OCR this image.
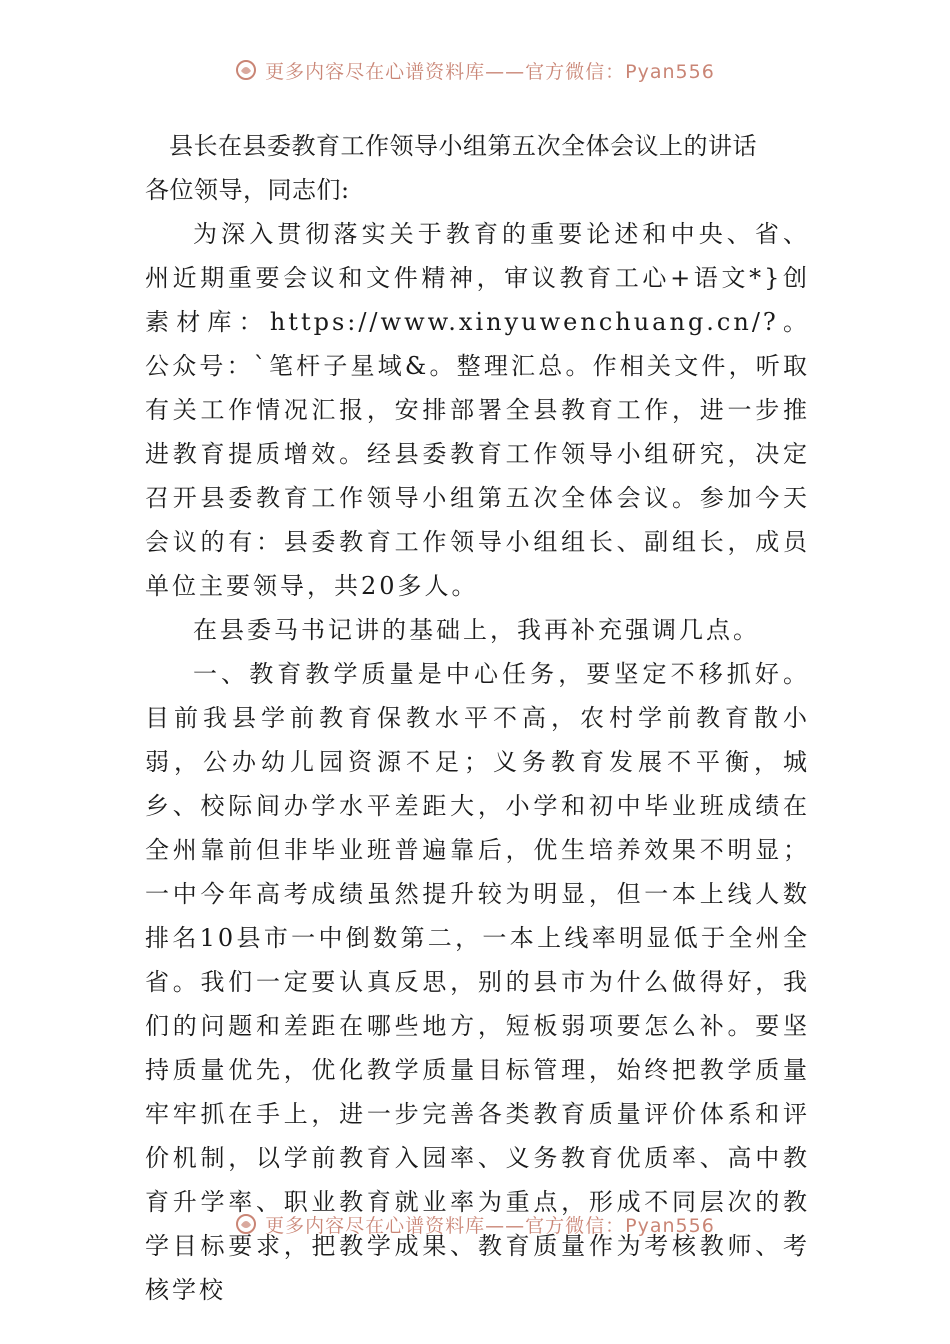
更多内容尽在心谱资料库——官方微信：Pyan556
县长在县委教育工作领导小组第五次全体会议上的讲话

各位领导，同志们:

为深入贯彻落实关于教育的重要论述和中央、省、州近期重要会议和文件精神，审议教育工心+语文*}创素材库：https://www.xinyuwenchuang.cn/?。公众号：`笔杆子星域&。整理汇总。作相关文件，听取有关工作情况汇报，安排部署全县教育工作，进一步推进教育提质增效。经县委教育工作领导小组研究，决定召开县委教育工作领导小组第五次全体会议。参加今天会议的有：县委教育工作领导小组组长、副组长，成员单位主要领导，共20多人。

在县委马书记讲的基础上，我再补充强调几点。

一、教育教学质量是中心任务，要坚定不移抓好。目前我县学前教育保教水平不高，农村学前教育散小弱，公办幼儿园资源不足；义务教育发展不平衡，城乡、校际间办学水平差距大，小学和初中毕业班成绩在全州靠前但非毕业班普遍靠后，优生培养效果不明显；一中今年高考成绩虽然提升较为明显，但一本上线人数排名10县市一中倒数第二，一本上线率明显低于全州全省。我们一定要认真反思，别的县市为什么做得好，我们的问题和差距在哪些地方，短板弱项要怎么补。要坚持质量优先，优化教学质量目标管理，始终把教学质量牢牢抓在手上，进一步完善各类教育质量评价体系和评价机制，以学前教育入园率、义务教育优质率、高中教育升学率、职业教育就业率为重点，形成不同层次的教学目标要求，把教学成果、教育质量作为考核教师、考核学校

更多内容尽在心谱资料库——官方微信：Pyan556
